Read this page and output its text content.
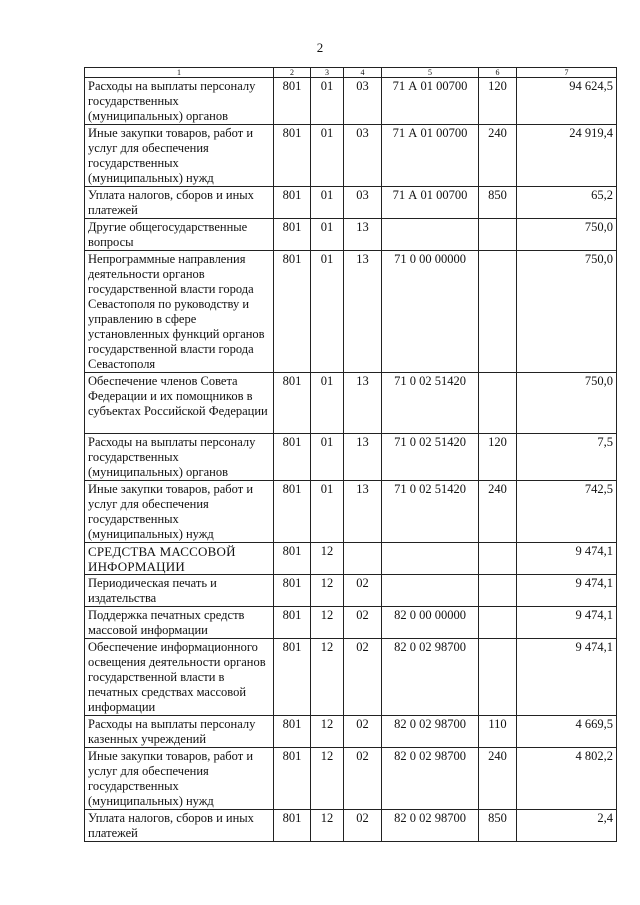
2
1	2	3	4	5	6	7
Расходы на выплаты персоналу государственных (муниципальных) органов	801	01	03	71 А 01 00700	120	94 624,5
Иные закупки товаров, работ и услуг для обеспечения государственных (муниципальных) нужд	801	01	03	71 А 01 00700	240	24 919,4
Уплата налогов, сборов и иных платежей	801	01	03	71 А 01 00700	850	65,2
Другие общегосударственные вопросы	801	01	13			750,0
Непрограммные направления деятельности органов государственной власти города Севастополя по руководству и управлению в сфере установленных функций органов государственной власти города Севастополя	801	01	13	71 0 00 00000		750,0
Обеспечение членов Совета Федерации и их помощников в субъектах Российской Федерации	801	01	13	71 0 02 51420		750,0
Расходы на выплаты персоналу государственных (муниципальных) органов	801	01	13	71 0 02 51420	120	7,5
Иные закупки товаров, работ и услуг для обеспечения государственных (муниципальных) нужд	801	01	13	71 0 02 51420	240	742,5
СРЕДСТВА МАССОВОЙ ИНФОРМАЦИИ	801	12				9 474,1
Периодическая печать и издательства	801	12	02			9 474,1
Поддержка печатных средств массовой информации	801	12	02	82 0 00 00000		9 474,1
Обеспечение информационного освещения деятельности органов государственной власти в печатных средствах массовой информации	801	12	02	82 0 02 98700		9 474,1
Расходы на выплаты персоналу казенных учреждений	801	12	02	82 0 02 98700	110	4 669,5
Иные закупки товаров, работ и услуг для обеспечения государственных (муниципальных) нужд	801	12	02	82 0 02 98700	240	4 802,2
Уплата налогов, сборов и иных платежей	801	12	02	82 0 02 98700	850	2,4
